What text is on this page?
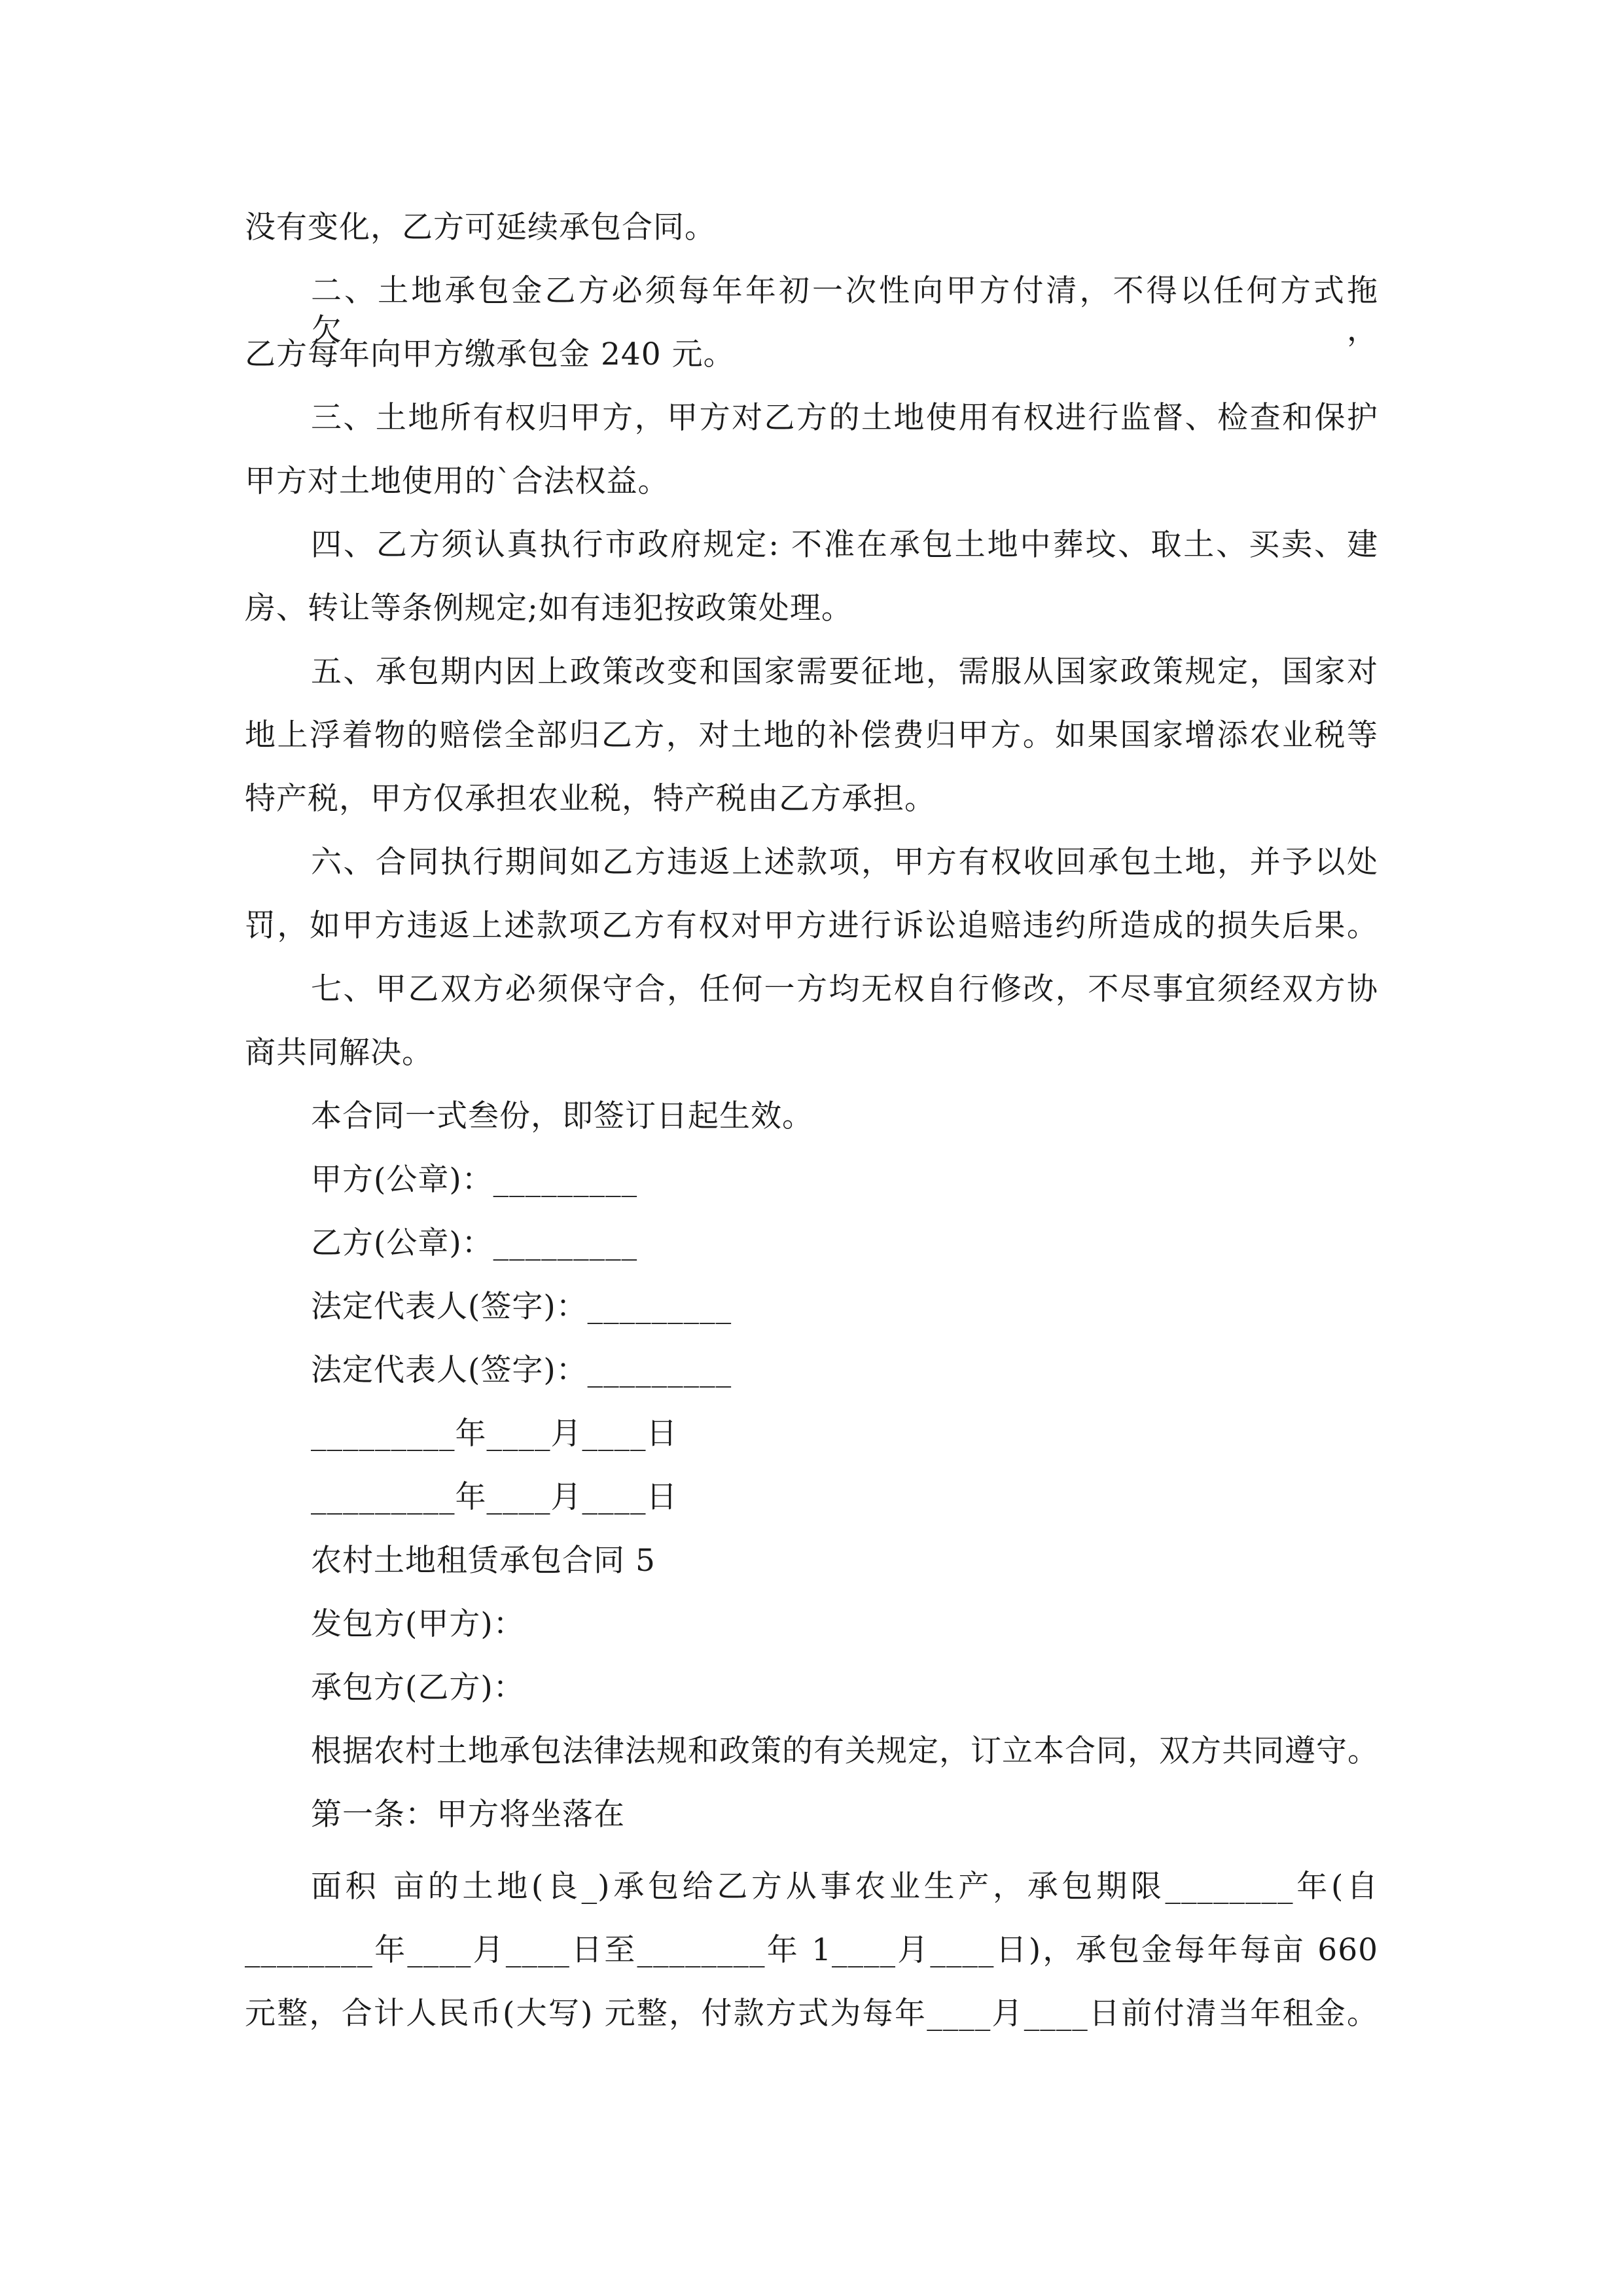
没有变化，乙方可延续承包合同。
二、土地承包金乙方必须每年年初一次性向甲方付清，不得以任何方式拖欠，
乙方每年向甲方缴承包金 240 元。
三、土地所有权归甲方，甲方对乙方的土地使用有权进行监督、检查和保护
甲方对土地使用的`合法权益。
四、乙方须认真执行市政府规定: 不准在承包土地中葬坟、取土、买卖、建
房、转让等条例规定;如有违犯按政策处理。
五、承包期内因上政策改变和国家需要征地，需服从国家政策规定，国家对
地上浮着物的赔偿全部归乙方，对土地的补偿费归甲方。如果国家增添农业税等
特产税，甲方仅承担农业税，特产税由乙方承担。
六、合同执行期间如乙方违返上述款项，甲方有权收回承包土地，并予以处
罚，如甲方违返上述款项乙方有权对甲方进行诉讼追赔违约所造成的损失后果。
七、甲乙双方必须保守合，任何一方均无权自行修改，不尽事宜须经双方协
商共同解决。
本合同一式叁份，即签订日起生效。
甲方(公章)：_________
乙方(公章)：_________
法定代表人(签字)：_________
法定代表人(签字)：_________
_________年____月____日
_________年____月____日
农村土地租赁承包合同 5
发包方(甲方)：
承包方(乙方)：
根据农村土地承包法律法规和政策的有关规定，订立本合同，双方共同遵守。
第一条：甲方将坐落在
面积 亩的土地(良_)承包给乙方从事农业生产，承包期限________年(自
________年____月____日至________年 1____月____日)，承包金每年每亩 660
元整，合计人民币(大写) 元整，付款方式为每年____月____日前付清当年租金。
